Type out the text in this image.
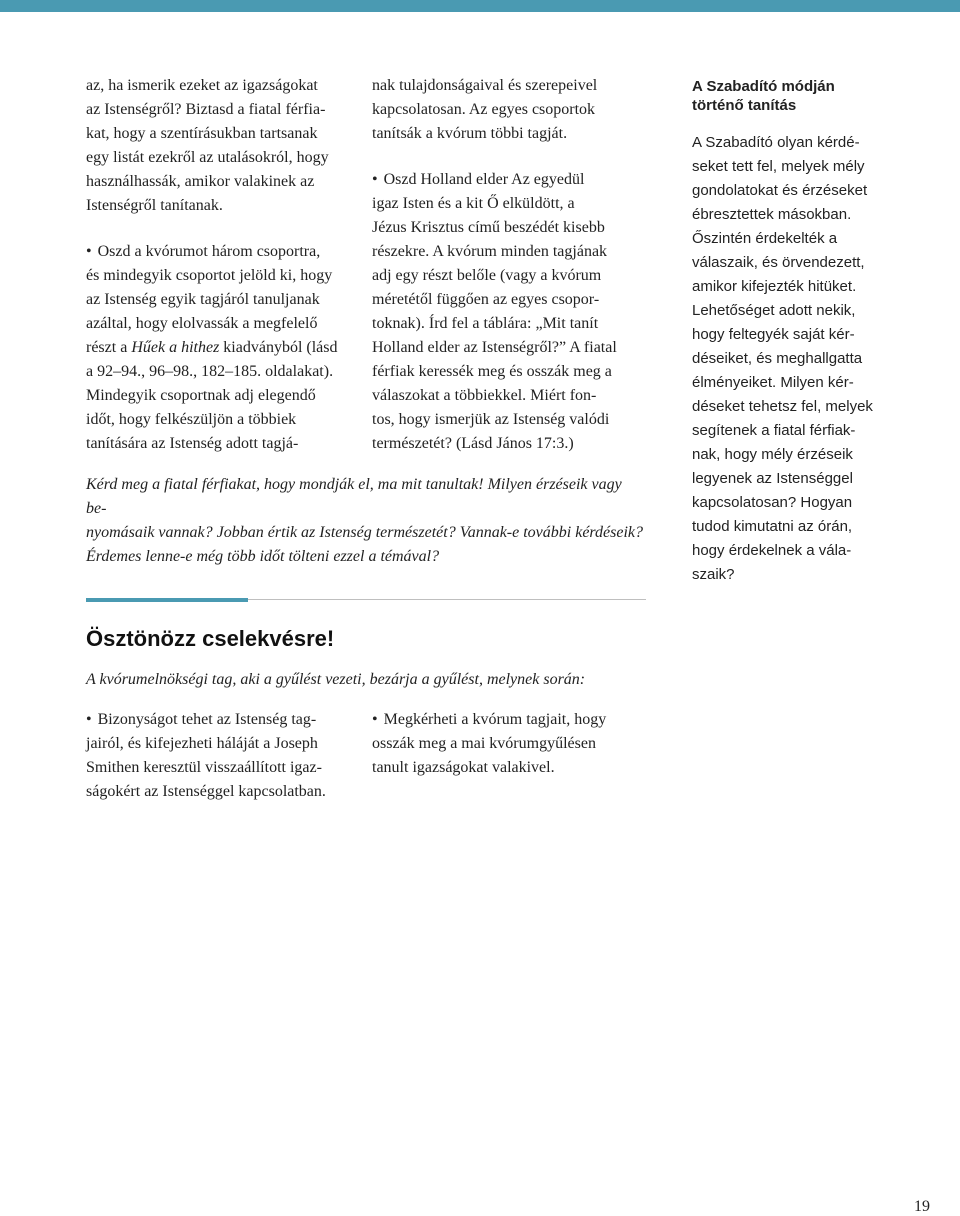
az, ha ismerik ezeket az igazságokat

az Istenségről? Biztasd a fiatal férfia-

kat, hogy a szentírásukban tartsanak

egy listát ezekről az utalásokról, hogy

használhassák, amikor valakinek az

Istenségről tanítanak.

• Oszd a kvórumot három csoportra,

és mindegyik csoportot jelöld ki, hogy

az Istenség egyik tagjáról tanuljanak

azáltal, hogy elolvassák a megfelelő

részt a Hűek a hithez kiadványból (lásd

a 92–94., 96–98., 182–185. oldalakat).

Mindegyik csoportnak adj elegendő

időt, hogy felkészüljön a többiek

tanítására az Istenség adott tagjá-

nak tulajdonságaival és szerepeivel

kapcsolatosan. Az egyes csoportok

tanítsák a kvórum többi tagját.

• Oszd Holland elder Az egyedül

igaz Isten és a kit Ő elküldött, a

Jézus Krisztus című beszédét kisebb

részekre. A kvórum minden tagjának

adj egy részt belőle (vagy a kvórum

méretétől függően az egyes csopor-

toknak). Írd fel a táblára: „Mit tanít

Holland elder az Istenségről?” A fiatal

férfiak keressék meg és osszák meg a

válaszokat a többiekkel. Miért fon-

tos, hogy ismerjük az Istenség valódi

természetét? (Lásd János 17:3.)

Kérd meg a fiatal férfiakat, hogy mondják el, ma mit tanultak! Milyen érzéseik vagy be-
nyomásaik vannak? Jobban értik az Istenség természetét? Vannak-e további kérdéseik?
Érdemes lenne-e még több időt tölteni ezzel a témával?
Ösztönözz cselekvésre!
A kvórumelnökségi tag, aki a gyűlést vezeti, bezárja a gyűlést, melynek során:

• Bizonyságot tehet az Istenség tag-

jairól, és kifejezheti háláját a Joseph

Smithen keresztül visszaállított igaz-

ságokért az Istenséggel kapcsolatban.

• Megkérheti a kvórum tagjait, hogy

osszák meg a mai kvórumgyűlésen

tanult igazságokat valakivel.

A Szabadító módján
történő tanítás

A Szabadító olyan kérdé-

seket tett fel, melyek mély

gondolatokat és érzéseket

ébresztettek másokban.

Őszintén érdekelték a

válaszaik, és örvendezett,

amikor kifejezték hitüket.

Lehetőséget adott nekik,

hogy feltegyék saját kér-

déseiket, és meghallgatta

élményeiket. Milyen kér-

déseket tehetsz fel, melyek

segítenek a fiatal férfiak-

nak, hogy mély érzéseik

legyenek az Istenséggel

kapcsolatosan? Hogyan

tudod kimutatni az órán,

hogy érdekelnek a vála-

szaik?

19
